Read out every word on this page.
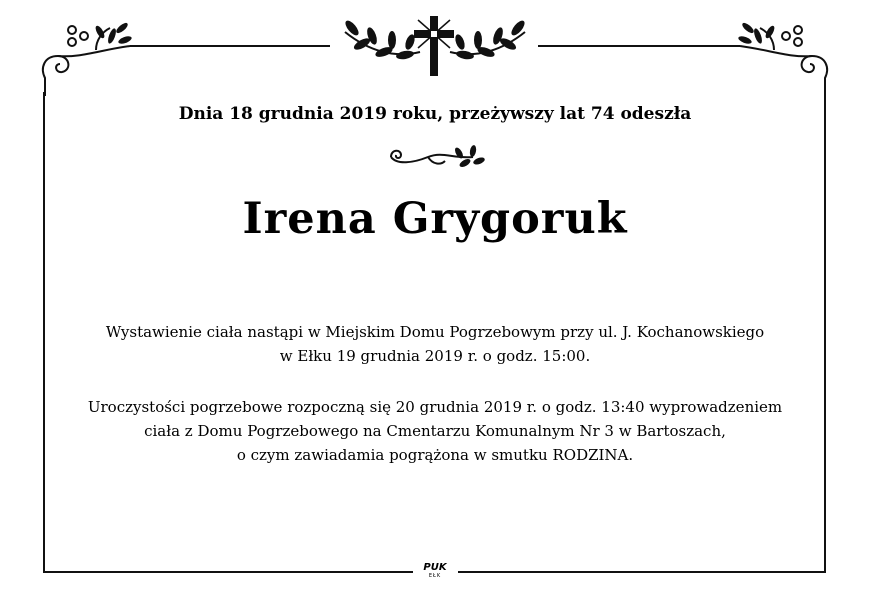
Dnia 18 grudnia 2019 roku, przeżywszy lat 74 odeszła
Irena Grygoruk
Wystawienie ciała nastąpi w Miejskim Domu Pogrzebowym przy ul. J. Kochanowskiego
w Ełku 19 grudnia 2019 r. o godz. 15:00.
Uroczystości pogrzebowe rozpoczną się 20 grudnia 2019 r. o godz. 13:40 wyprowadzeniem
ciała z Domu Pogrzebowego na Cmentarzu Komunalnym Nr 3 w Bartoszach,
o czym zawiadamia pogrążona w smutku RODZINA.
PUK
EŁK
